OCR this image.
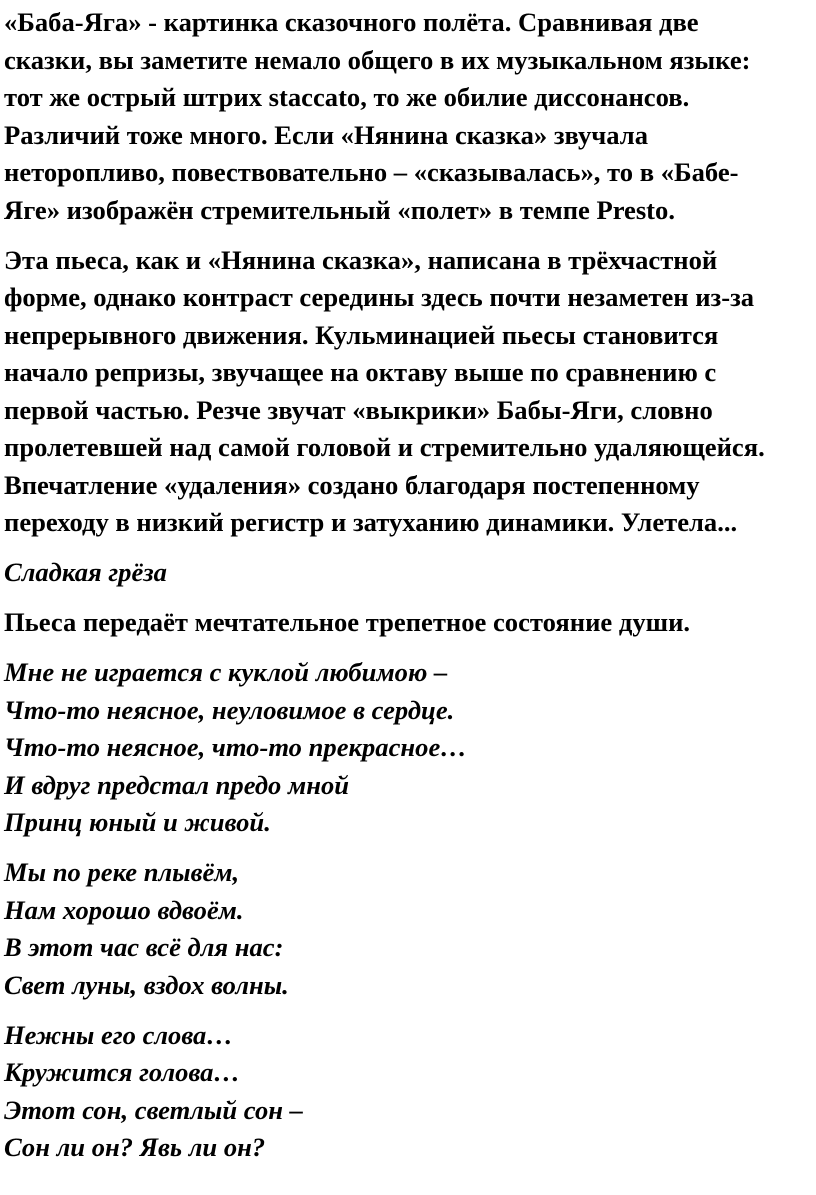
«Баба-Яга» - картинка сказочного полёта. Сравнивая две
сказки, вы заметите немало общего в их музыкальном языке:
тот же острый штрих staccato, то же обилие диссонансов.
Различий тоже много. Если «Нянина сказка» звучала
неторопливо, повествовательно – «сказывалась», то в «Бабе-
Яге» изображён стремительный «полет» в темпе Presto.

Эта пьеса, как и «Нянина сказка», написана в трёхчастной
форме, однако контраст середины здесь почти незаметен из-за
непрерывного движения. Кульминацией пьесы становится
начало репризы, звучащее на октаву выше по сравнению с
первой частью. Резче звучат «выкрики» Бабы-Яги, словно
пролетевшей над самой головой и стремительно удаляющейся.
Впечатление «удаления» создано благодаря постепенному
переходу в низкий регистр и затуханию динамики. Улетела...

Сладкая грёза

Пьеса передаёт мечтательное трепетное состояние души.

Мне не играется с куклой любимою –
Что-то неясное, неуловимое в сердце.
Что-то неясное, что-то прекрасное…
И вдруг предстал предо мной
Принц юный и живой.
Мы по реке плывём,
Нам хорошо вдвоём.
В этот час всё для нас:
Свет луны, вздох волны.
Нежны его слова…
Кружится голова…
Этот сон, светлый сон –
Сон ли он? Явь ли он?
